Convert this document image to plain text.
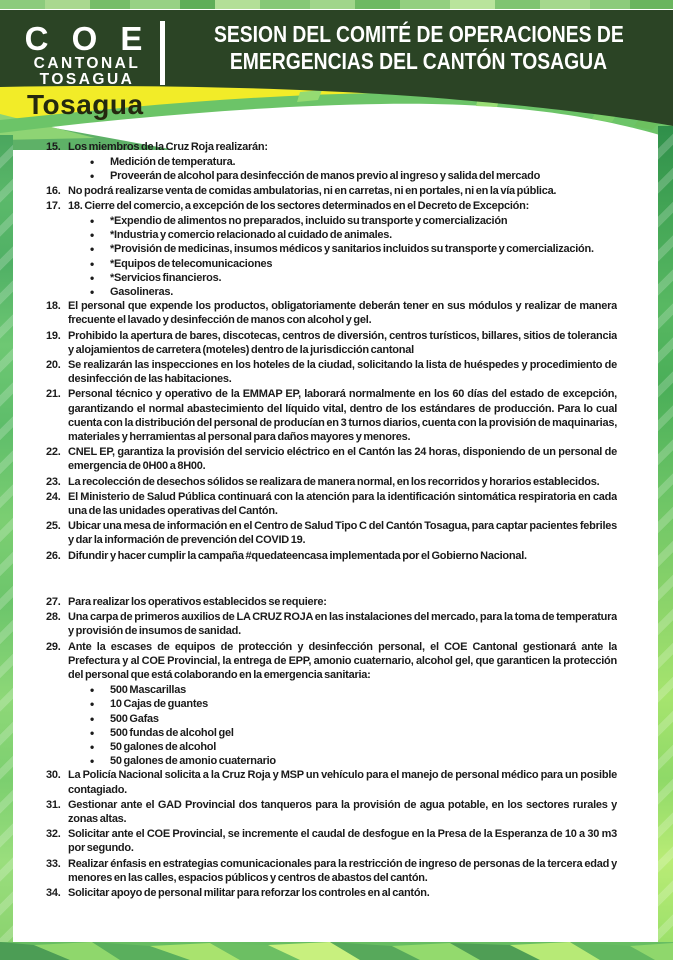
C O E
CANTONAL
TOSAGUA
SESION DEL COMITÉ DE OPERACIONES DE
EMERGENCIAS DEL CANTÓN TOSAGUA
Tosagua
15. Los miembros de la Cruz Roja realizarán:
•	Medición de temperatura.
•	Proveerán de alcohol para desinfección de manos previo al ingreso y salida del mercado
16. No podrá realizarse venta de comidas ambulatorias, ni en carretas, ni en portales, ni en la vía pública.
17. 18. Cierre del comercio, a excepción de los sectores determinados en el Decreto de Excepción:
•	*Expendio de alimentos no preparados, incluido su transporte y comercialización
•	*Industria y comercio relacionado al cuidado de animales.
•	*Provisión de medicinas, insumos médicos y sanitarios incluidos su transporte y comercialización.
•	*Equipos de telecomunicaciones
•	*Servicios financieros.
•	Gasolineras.
18. El personal que expende los productos, obligatoriamente deberán tener en sus módulos y realizar de manera frecuente el lavado y desinfección de manos con alcohol y gel.
19. Prohibido la apertura de bares, discotecas, centros de diversión, centros turísticos, billares, sitios de tolerancia y alojamientos de carretera (moteles) dentro de la jurisdicción cantonal
20. Se realizarán las inspecciones en los hoteles de la ciudad, solicitando la lista de huéspedes y procedimiento de desinfección de las habitaciones.
21. Personal técnico y operativo de la EMMAP EP, laborará normalmente en los 60 días del estado de excepción, garantizando el normal abastecimiento del líquido vital, dentro de los estándares de producción. Para lo cual cuenta con la distribución del personal de producían en 3 turnos diarios, cuenta con la provisión de maquinarias, materiales y herramientas al personal para daños mayores y menores.
22. CNEL EP, garantiza la provisión del servicio eléctrico en el Cantón las 24 horas, disponiendo de un personal de emergencia de 0H00 a 8H00.
23. La recolección de desechos sólidos se realizara de manera normal, en los recorridos y horarios establecidos.
24. El Ministerio de Salud Pública continuará con la atención para la identificación sintomática respiratoria en cada una de las unidades operativas del Cantón.
25. Ubicar una mesa de información en el Centro de Salud Tipo C del Cantón Tosagua, para captar pacientes febriles y dar la información de prevención del COVID 19.
26. Difundir y hacer cumplir la campaña #quedateencasa implementada por el Gobierno Nacional.
27. Para realizar los operativos establecidos se requiere:
28. Una carpa de primeros auxilios de LA CRUZ ROJA en las instalaciones del mercado, para la toma de temperatura y provisión de insumos de sanidad.
29. Ante la escases de equipos de protección y desinfección personal, el COE Cantonal gestionará ante la Prefectura y al COE Provincial, la entrega de EPP, amonio cuaternario, alcohol gel, que garanticen la protección del personal que está colaborando en la emergencia sanitaria:
•	500 Mascarillas
•	10 Cajas de guantes
•	500 Gafas
•	500 fundas de alcohol gel
•	50 galones de alcohol
•	50 galones de amonio cuaternario
30. La Policía Nacional solicita a la Cruz Roja y MSP un vehículo para el manejo de personal médico para un posible contagiado.
31. Gestionar ante el GAD Provincial dos tanqueros para la provisión de agua potable, en los sectores rurales y zonas altas.
32. Solicitar ante el COE Provincial, se incremente el caudal de desfogue en la Presa de la Esperanza de 10 a 30 m3 por segundo.
33. Realizar énfasis en estrategias comunicacionales para la restricción de ingreso de personas de la tercera edad y menores en las calles, espacios públicos y centros de abastos del cantón.
34. Solicitar apoyo de personal militar para reforzar los controles en al cantón.
